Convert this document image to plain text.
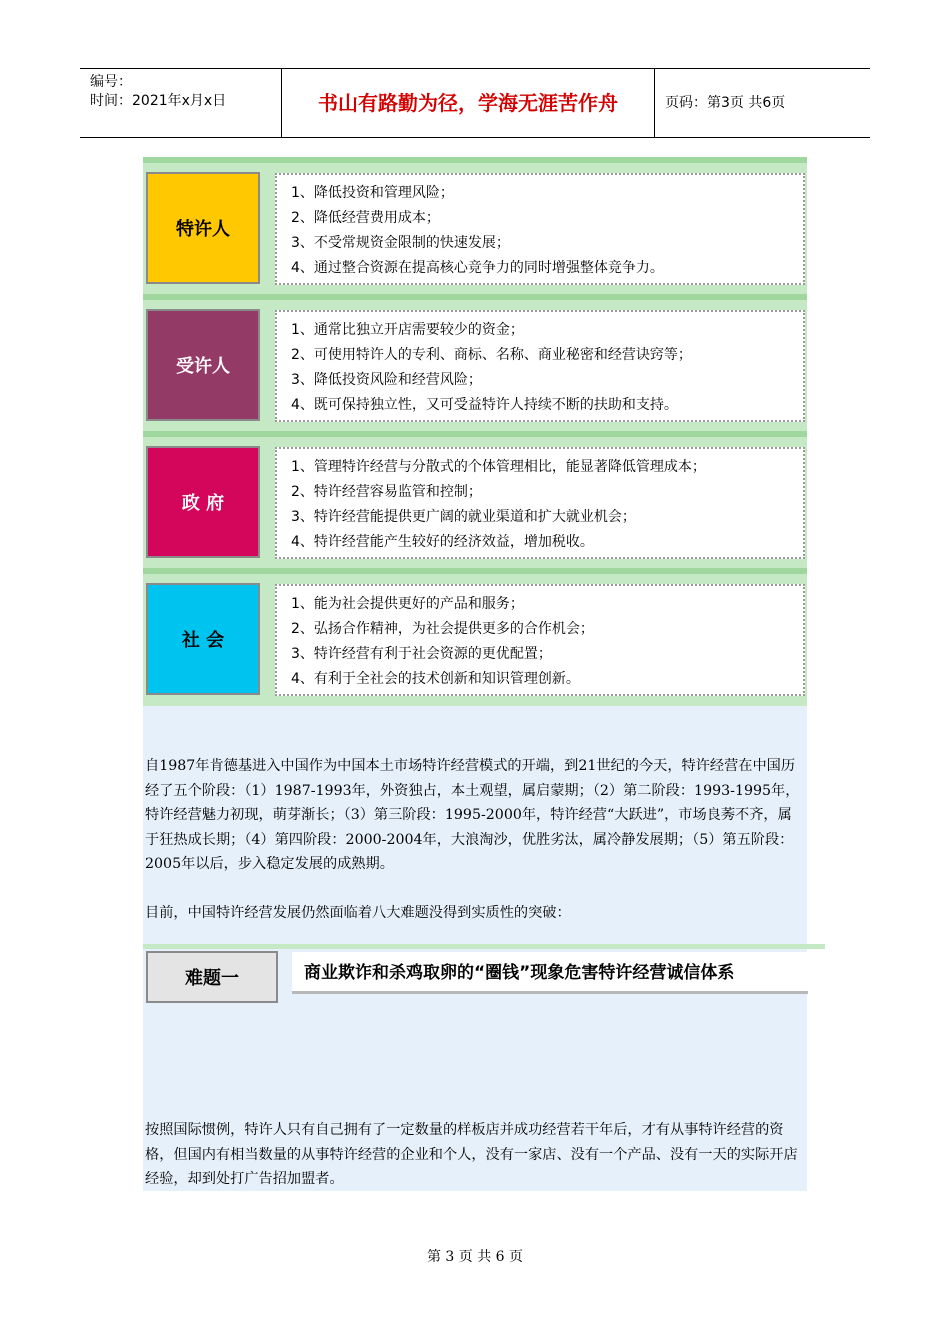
编号：
时间：2021年x月x日	书山有路勤为径，学海无涯苦作舟	页码：第3页 共6页
特许人
1、降低投资和管理风险；
2、降低经营费用成本；
3、不受常规资金限制的快速发展；
4、通过整合资源在提高核心竞争力的同时增强整体竞争力。
受许人
1、通常比独立开店需要较少的资金；
2、可使用特许人的专利、商标、名称、商业秘密和经营诀窍等；
3、降低投资风险和经营风险；
4、既可保持独立性，又可受益特许人持续不断的扶助和支持。
政 府
1、管理特许经营与分散式的个体管理相比，能显著降低管理成本；
2、特许经营容易监管和控制；
3、特许经营能提供更广阔的就业渠道和扩大就业机会；
4、特许经营能产生较好的经济效益，增加税收。
社 会
1、能为社会提供更好的产品和服务；
2、弘扬合作精神，为社会提供更多的合作机会；
3、特许经营有利于社会资源的更优配置；
4、有利于全社会的技术创新和知识管理创新。
自1987年肯德基进入中国作为中国本土市场特许经营模式的开端，到21世纪的今天，特许经营在中国历经了五个阶段：（1）1987-1993年，外资独占，本土观望，属启蒙期；（2）第二阶段：1993-1995年，特许经营魅力初现，萌芽渐长；（3）第三阶段：1995-2000年，特许经营“大跃进”，市场良莠不齐，属于狂热成长期；（4）第四阶段：2000-2004年，大浪淘沙，优胜劣汰，属冷静发展期；（5）第五阶段：2005年以后，步入稳定发展的成熟期。
目前，中国特许经营发展仍然面临着八大难题没得到实质性的突破：
难题一	商业欺诈和杀鸡取卵的“圈钱”现象危害特许经营诚信体系
按照国际惯例，特许人只有自己拥有了一定数量的样板店并成功经营若干年后，才有从事特许经营的资格，但国内有相当数量的从事特许经营的企业和个人，没有一家店、没有一个产品、没有一天的实际开店经验，却到处打广告招加盟者。
第 3 页 共 6 页
